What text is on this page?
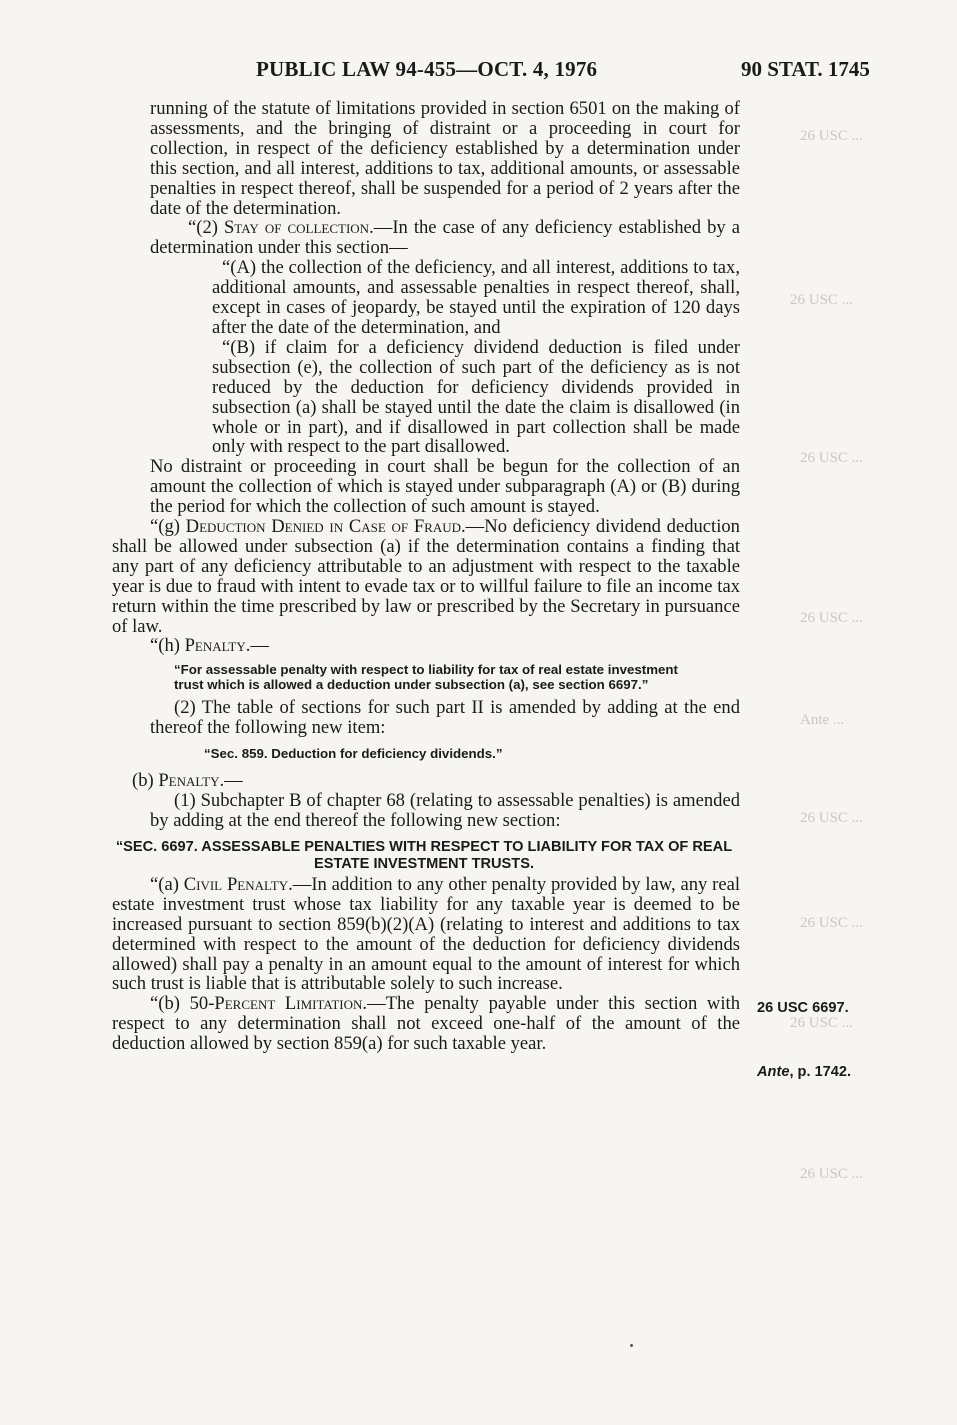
26 USC ...
26 USC ...
26 USC ...
26 USC ...
Ante ...
26 USC ...
26 USC ...
26 USC ...
26 USC ...
PUBLIC LAW 94-455—OCT. 4, 1976	90 STAT. 1745

running of the statute of limitations provided in section 6501 on the making of assessments, and the bringing of distraint or a proceeding in court for collection, in respect of the deficiency established by a determination under this section, and all interest, additions to tax, additional amounts, or assessable penalties in respect thereof, shall be suspended for a period of 2 years after the date of the determination.

“(2) Stay of collection.—In the case of any deficiency established by a determination under this section—

“(A) the collection of the deficiency, and all interest, additions to tax, additional amounts, and assessable penalties in respect thereof, shall, except in cases of jeopardy, be stayed until the expiration of 120 days after the date of the determination, and

“(B) if claim for a deficiency dividend deduction is filed under subsection (e), the collection of such part of the deficiency as is not reduced by the deduction for deficiency dividends provided in subsection (a) shall be stayed until the date the claim is disallowed (in whole or in part), and if disallowed in part collection shall be made only with respect to the part disallowed.

No distraint or proceeding in court shall be begun for the collection of an amount the collection of which is stayed under subparagraph (A) or (B) during the period for which the collection of such amount is stayed.

“(g) Deduction Denied in Case of Fraud.—No deficiency dividend deduction shall be allowed under subsection (a) if the determination contains a finding that any part of any deficiency attributable to an adjustment with respect to the taxable year is due to fraud with intent to evade tax or to willful failure to file an income tax return within the time prescribed by law or prescribed by the Secretary in pursuance of law.

“(h) Penalty.—

“For assessable penalty with respect to liability for tax of real estate investment trust which is allowed a deduction under subsection (a), see section 6697.”

(2) The table of sections for such part II is amended by adding at the end thereof the following new item:

“Sec. 859. Deduction for deficiency dividends.”

(b) Penalty.—

(1) Subchapter B of chapter 68 (relating to assessable penalties) is amended by adding at the end thereof the following new section:

“SEC. 6697. ASSESSABLE PENALTIES WITH RESPECT TO LIABILITY FOR TAX OF REAL ESTATE INVESTMENT TRUSTS.

“(a) Civil Penalty.—In addition to any other penalty provided by law, any real estate investment trust whose tax liability for any taxable year is deemed to be increased pursuant to section 859(b)(2)(A) (relating to interest and additions to tax determined with respect to the amount of the deduction for deficiency dividends allowed) shall pay a penalty in an amount equal to the amount of interest for which such trust is liable that is attributable solely to such increase.

“(b) 50-Percent Limitation.—The penalty payable under this section with respect to any determination shall not exceed one-half of the amount of the deduction allowed by section 859(a) for such taxable year.

26 USC 6697.
Ante, p. 1742.
